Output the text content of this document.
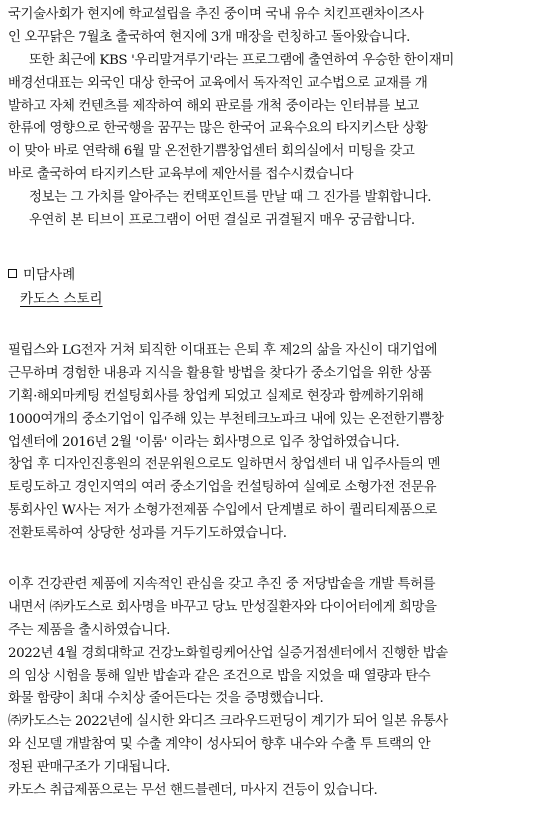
국기술사회가 현지에 학교설립을 추진 중이며 국내 유수 치킨프랜차이즈사
인 오꾸닭은 7월초 출국하여 현지에 3개 매장을 런칭하고 돌아왔습니다.
또한 최근에 KBS '우리말겨루기'라는 프로그램에 출연하여 우승한 한이재미
배경선대표는 외국인 대상 한국어 교육에서 독자적인 교수법으로 교재를 개
발하고 자체 컨텐츠를 제작하여 해외 판로를 개척 중이라는 인터뷰를 보고
한류에 영향으로 한국행을 꿈꾸는 많은 한국어 교육수요의 타지키스탄 상황
이 맞아 바로 연락해 6월 말 온전한기쁨창업센터 회의실에서 미팅을 갖고
바로 출국하여 타지키스탄 교육부에 제안서를 접수시켰습니다
정보는 그 가치를 알아주는 컨택포인트를 만날 때 그 진가를 발휘합니다.
우연히 본 티브이 프로그램이 어떤 결실로 귀결될지 매우 궁금합니다.
미담사례
카도스 스토리
필립스와 LG전자 거쳐 퇴직한 이대표는 은퇴 후 제2의 삶을 자신이 대기업에
근무하며 경험한 내용과 지식을 활용할 방법을 찾다가 중소기업을 위한 상품
기획·해외마케팅 컨설팅회사를 창업케 되었고 실제로 현장과 함께하기위해
1000여개의 중소기업이 입주해 있는 부천테크노파크 내에 있는 온전한기쁨창
업센터에 2016년 2월 '이룸' 이라는 회사명으로 입주 창업하였습니다.
창업 후 디자인진흥원의 전문위원으로도 일하면서 창업센터 내 입주사들의 멘
토링도하고 경인지역의 여러 중소기업을 컨설팅하여 실예로 소형가전 전문유
통회사인 W사는 저가 소형가전제품 수입에서 단계별로 하이 퀄리티제품으로
전환토록하여 상당한 성과를 거두기도하였습니다.
이후 건강관련 제품에 지속적인 관심을 갖고 추진 중 저당밥솥을 개발 특허를
내면서 ㈜카도스로 회사명을 바꾸고 당뇨 만성질환자와 다이어터에게 희망을
주는 제품을 출시하였습니다.
2022년 4월 경희대학교 건강노화힐링케어산업 실증거점센터에서 진행한 밥솥
의 임상 시험을 통해 일반 밥솥과 같은 조건으로 밥을 지었을 때 열량과 탄수
화물 함량이 최대 수치상 줄어든다는 것을 증명했습니다.
㈜카도스는 2022년에 실시한 와디즈 크라우드펀딩이 계기가 되어 일본 유통사
와 신모델 개발참여 및 수출 계약이 성사되어 향후 내수와 수출 투 트랙의 안
정된 판매구조가 기대됩니다.
카도스 취급제품으로는 무선 핸드블렌더, 마사지 건등이 있습니다.
